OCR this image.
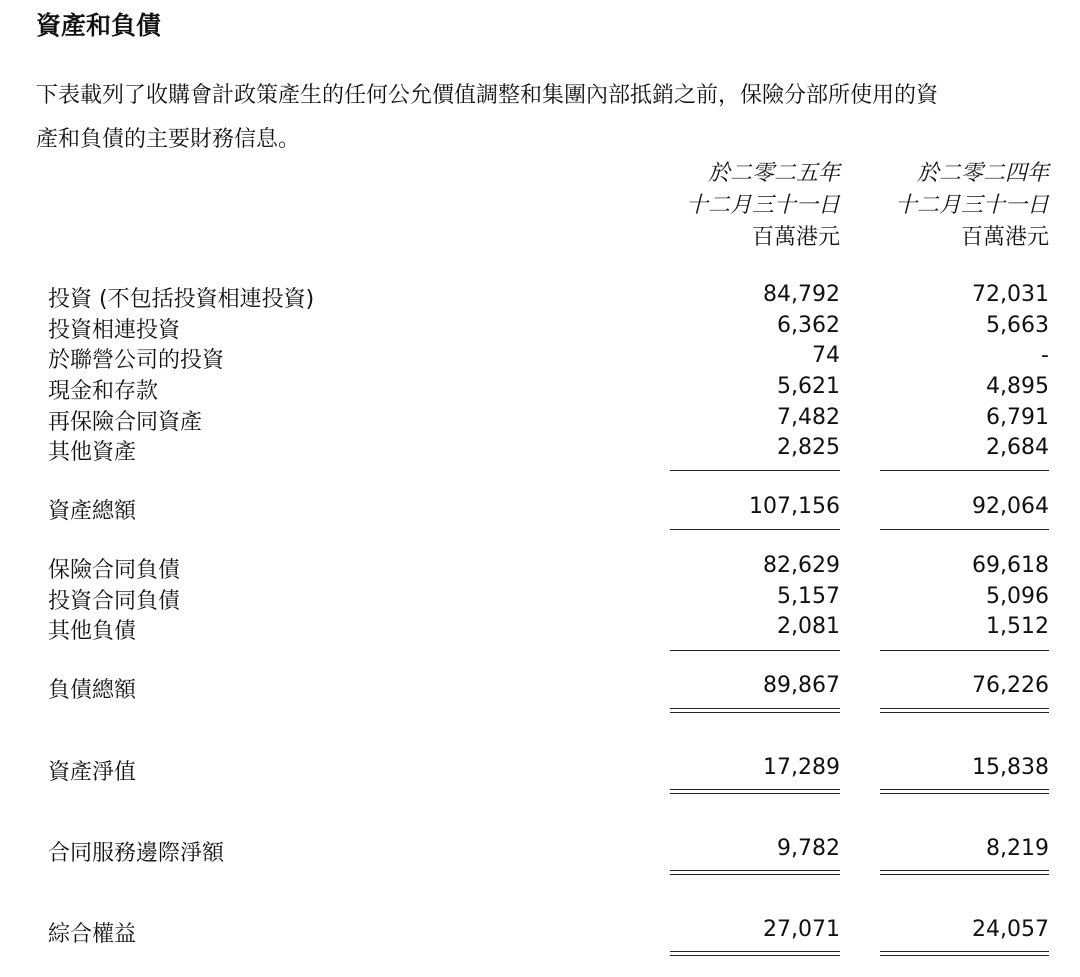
資產和負債
下表載列了收購會計政策產生的任何公允價值調整和集團內部抵銷之前，保險分部所使用的資
產和負債的主要財務信息。
於二零二五年
十二月三十一日
百萬港元
於二零二四年
十二月三十一日
百萬港元
投資 (不包括投資相連投資)	84,792	72,031
投資相連投資	6,362	5,663
於聯營公司的投資	74	-
現金和存款	5,621	4,895
再保險合同資產	7,482	6,791
其他資產	2,825	2,684
資產總額	107,156	92,064
保險合同負債	82,629	69,618
投資合同負債	5,157	5,096
其他負債	2,081	1,512
負債總額	89,867	76,226
資產淨值	17,289	15,838
合同服務邊際淨額	9,782	8,219
綜合權益	27,071	24,057
